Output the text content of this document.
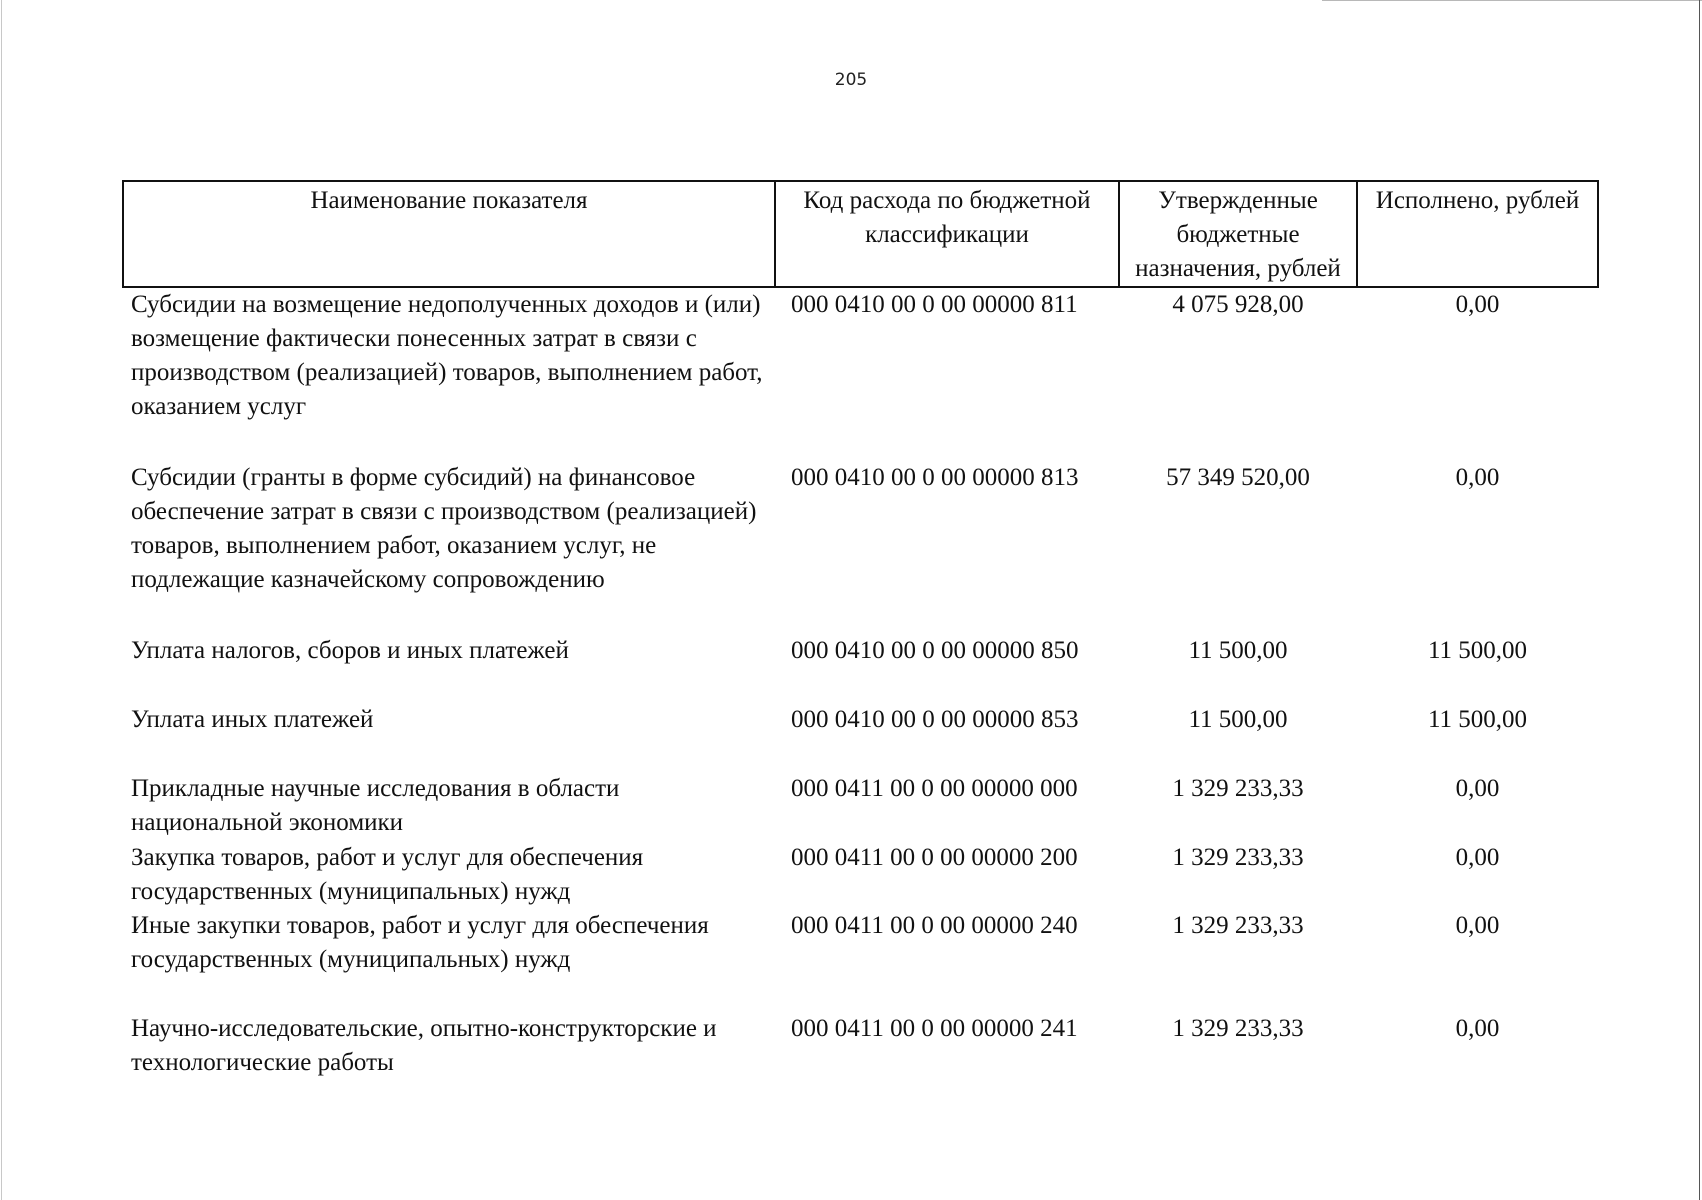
205
Наименование показателя	Код расхода по бюджетной классификации	Утвержденные бюджетные назначения, рублей	Исполнено, рублей
Субсидии на возмещение недополученных доходов и (или) возмещение фактически понесенных затрат в связи с производством (реализацией) товаров, выполнением работ, оказанием услуг	000 0410 00 0 00 00000 811	4 075 928,00	0,00
Субсидии (гранты в форме субсидий) на финансовое обеспечение затрат в связи с производством (реализацией) товаров, выполнением работ, оказанием услуг, не подлежащие казначейскому сопровождению	000 0410 00 0 00 00000 813	57 349 520,00	0,00
Уплата налогов, сборов и иных платежей	000 0410 00 0 00 00000 850	11 500,00	11 500,00
Уплата иных платежей	000 0410 00 0 00 00000 853	11 500,00	11 500,00
Прикладные научные исследования в области национальной экономики	000 0411 00 0 00 00000 000	1 329 233,33	0,00
Закупка товаров, работ и услуг для обеспечения государственных (муниципальных) нужд	000 0411 00 0 00 00000 200	1 329 233,33	0,00
Иные закупки товаров, работ и услуг для обеспечения государственных (муниципальных) нужд	000 0411 00 0 00 00000 240	1 329 233,33	0,00
Научно-исследовательские, опытно-конструкторские и технологические работы	000 0411 00 0 00 00000 241	1 329 233,33	0,00
